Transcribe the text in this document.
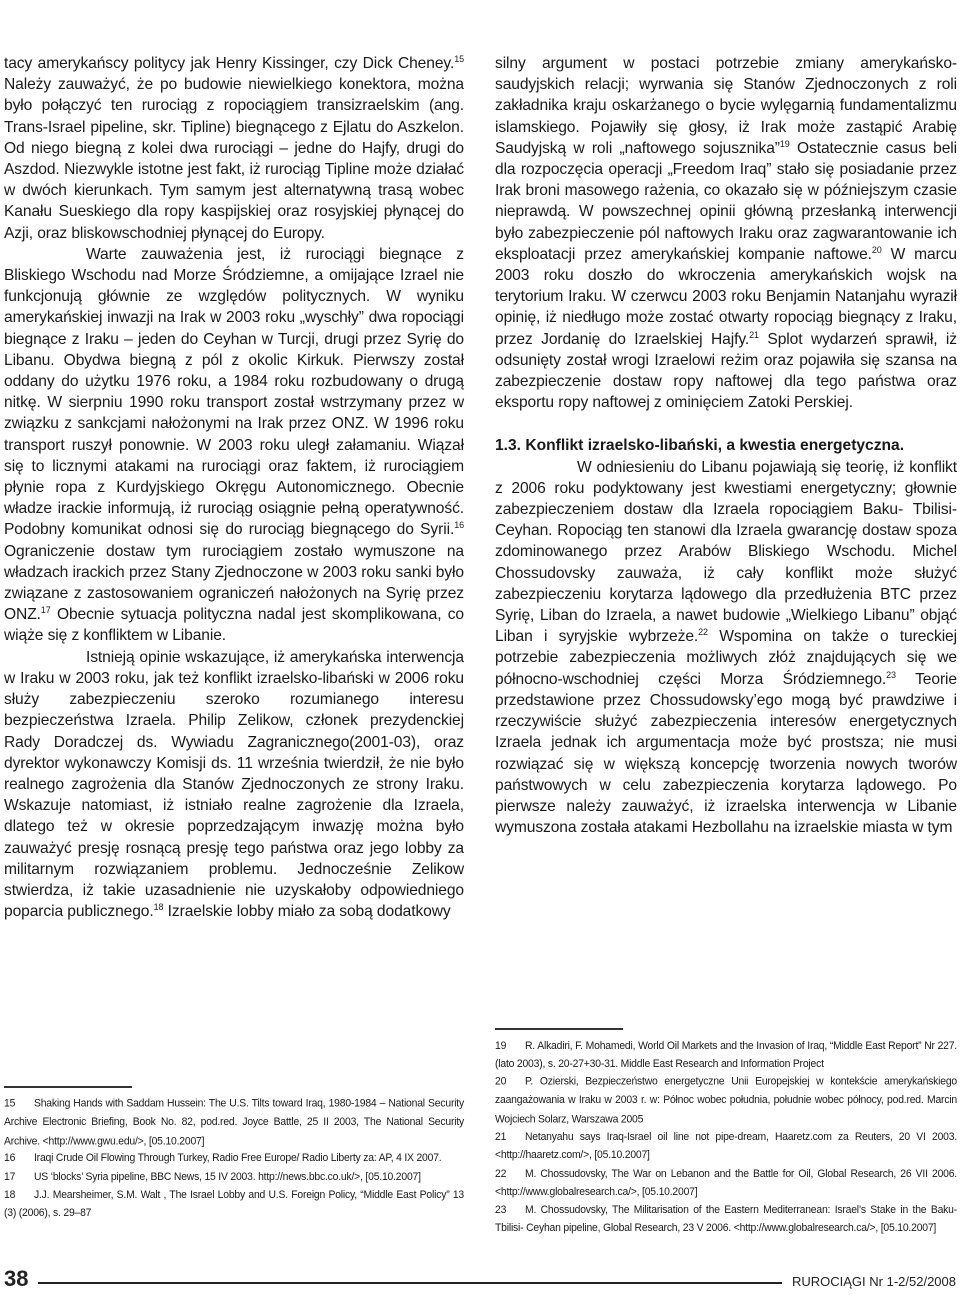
tacy amerykańscy politycy jak Henry Kissinger, czy Dick Cheney.$^{15}$ Należy zauważyć, że po budowie niewielkiego konektora, można było połączyć ten rurociąg z ropociągiem transizraelskim (ang. Trans-Israel pipeline, skr. Tipline) biegnącego z Ejlatu do Aszkelon. Od niego biegną z kolei dwa rurociągi – jedne do Hajfy, drugi do Aszdod. Niezwykle istotne jest fakt, iż rurociąg Tipline może działać w dwóch kierunkach. Tym samym jest alternatywną trasą wobec Kanału Sueskiego dla ropy kaspijskiej oraz rosyjskiej płynącej do Azji, oraz bliskowschodniej płynącej do Europy.

Warte zauważenia jest, iż rurociągi biegnące z Bliskiego Wschodu nad Morze Śródziemne, a omijające Izrael nie funkcjonują głównie ze względów politycznych. W wyniku amerykańskiej inwazji na Irak w 2003 roku „wyschły” dwa ropociągi biegnące z Iraku – jeden do Ceyhan w Turcji, drugi przez Syrię do Libanu. Obydwa biegną z pól z okolic Kirkuk. Pierwszy został oddany do użytku 1976 roku, a 1984 roku rozbudowany o drugą nitkę. W sierpniu 1990 roku transport został wstrzymany przez w związku z sankcjami nałożonymi na Irak przez ONZ. W 1996 roku transport ruszył ponownie. W 2003 roku uległ załamaniu. Wiązał się to licznymi atakami na rurociągi oraz faktem, iż rurociągiem płynie ropa z Kurdyjskiego Okręgu Autonomicznego. Obecnie władze irackie informują, iż rurociąg osiągnie pełną operatywność. Podobny komunikat odnosi się do rurociąg biegnącego do Syrii.$^{16}$ Ograniczenie dostaw tym rurociągiem zostało wymuszone na władzach irackich przez Stany Zjednoczone w 2003 roku sanki było związane z zastosowaniem ograniczeń nałożonych na Syrię przez ONZ.$^{17}$ Obecnie sytuacja polityczna nadal jest skomplikowana, co wiąże się z konfliktem w Libanie.

Istnieją opinie wskazujące, iż amerykańska interwencja w Iraku w 2003 roku, jak też konflikt izraelsko-libański w 2006 roku służy zabezpieczeniu szeroko rozumianego interesu bezpieczeństwa Izraela. Philip Zelikow, członek prezydenckiej Rady Doradczej ds. Wywiadu Zagranicznego(2001-03), oraz dyrektor wykonawczy Komisji ds. 11 września twierdził, że nie było realnego zagrożenia dla Stanów Zjednoczonych ze strony Iraku. Wskazuje natomiast, iż istniało realne zagrożenie dla Izraela, dlatego też w okresie poprzedzającym inwazję można było zauważyć presję rosnącą presję tego państwa oraz jego lobby za militarnym rozwiązaniem problemu. Jednocześnie Zelikow stwierdza, iż takie uzasadnienie nie uzyskałoby odpowiedniego poparcia publicznego.$^{18}$ Izraelskie lobby miało za sobą dodatkowy

silny argument w postaci potrzebie zmiany amerykańsko-saudyjskich relacji; wyrwania się Stanów Zjednoczonych z roli zakładnika kraju oskarżanego o bycie wylęgarnią fundamentalizmu islamskiego. Pojawiły się głosy, iż Irak może zastąpić Arabię Saudyjską w roli „naftowego sojusznika”$^{19}$ Ostatecznie casus beli dla rozpoczęcia operacji „Freedom Iraq” stało się posiadanie przez Irak broni masowego rażenia, co okazało się w późniejszym czasie nieprawdą. W powszechnej opinii główną przesłanką interwencji było zabezpieczenie pól naftowych Iraku oraz zagwarantowanie ich eksploatacji przez amerykańskiej kompanie naftowe.$^{20}$ W marcu 2003 roku doszło do wkroczenia amerykańskich wojsk na terytorium Iraku. W czerwcu 2003 roku Benjamin Natanjahu wyraził opinię, iż niedługo może zostać otwarty ropociąg biegnący z Iraku, przez Jordanię do Izraelskiej Hajfy.$^{21}$ Splot wydarzeń sprawił, iż odsunięty został wrogi Izraelowi reżim oraz pojawiła się szansa na zabezpieczenie dostaw ropy naftowej dla tego państwa oraz eksportu ropy naftowej z ominięciem Zatoki Perskiej.

1.3. Konflikt izraelsko-libański, a kwestia energetyczna.

W odniesieniu do Libanu pojawiają się teorię, iż konflikt z 2006 roku podyktowany jest kwestiami energetyczny; głownie zabezpieczeniem dostaw dla Izraela ropociągiem Baku- Tbilisi-Ceyhan. Ropociąg ten stanowi dla Izraela gwarancję dostaw spoza zdominowanego przez Arabów Bliskiego Wschodu. Michel Chossudovsky zauważa, iż cały konflikt może służyć zabezpieczeniu korytarza lądowego dla przedłużenia BTC przez Syrię, Liban do Izraela, a nawet budowie „Wielkiego Libanu” objąć Liban i syryjskie wybrzeże.$^{22}$ Wspomina on także o tureckiej potrzebie zabezpieczenia możliwych złóż znajdujących się we północno-wschodniej części Morza Śródziemnego.$^{23}$ Teorie przedstawione przez Chossudowsky’ego mogą być prawdziwe i rzeczywiście służyć zabezpieczenia interesów energetycznych Izraela jednak ich argumentacja może być prostsza; nie musi rozwiązać się w większą koncepcję tworzenia nowych tworów państwowych w celu zabezpieczenia korytarza lądowego. Po pierwsze należy zauważyć, iż izraelska interwencja w Libanie wymuszona została atakami Hezbollahu na izraelskie miasta w tym

15 Shaking Hands with Saddam Hussein: The U.S. Tilts toward Iraq, 1980-1984 – National Security Archive Electronic Briefing, Book No. 82, pod.red. Joyce Battle, 25 II 2003, The National Security Archive. <http://www.gwu.edu/>, [05.10.2007]

16 Iraqi Crude Oil Flowing Through Turkey, Radio Free Europe/ Radio Liberty za: AP, 4 IX 2007.

17 US ‘blocks’ Syria pipeline, BBC News, 15 IV 2003. http://news.bbc.co.uk/>, [05.10.2007]

18 J.J. Mearsheimer, S.M. Walt , The Israel Lobby and U.S. Foreign Policy, “Middle East Policy” 13 (3) (2006), s. 29–87

19 R. Alkadiri, F. Mohamedi, World Oil Markets and the Invasion of Iraq, “Middle East Report” Nr 227. (lato 2003), s. 20-27+30-31. Middle East Research and Information Project

20 P. Ozierski, Bezpieczeństwo energetyczne Unii Europejskiej w kontekście amerykańskiego zaangażowania w Iraku w 2003 r. w: Północ wobec południa, południe wobec północy, pod.red. Marcin Wojciech Solarz, Warszawa 2005

21 Netanyahu says Iraq-Israel oil line not pipe-dream, Haaretz.com za Reuters, 20 VI 2003. <http://haaretz.com/>, [05.10.2007]

22 M. Chossudovsky, The War on Lebanon and the Battle for Oil, Global Research, 26 VII 2006. <http://www.globalresearch.ca/>, [05.10.2007]

23 M. Chossudovsky, The Militarisation of the Eastern Mediterranean: Israel’s Stake in the Baku-Tbilisi- Ceyhan pipeline, Global Research, 23 V 2006. <http://www.globalresearch.ca/>, [05.10.2007]

38	RUROCIĄGI Nr 1-2/52/2008
